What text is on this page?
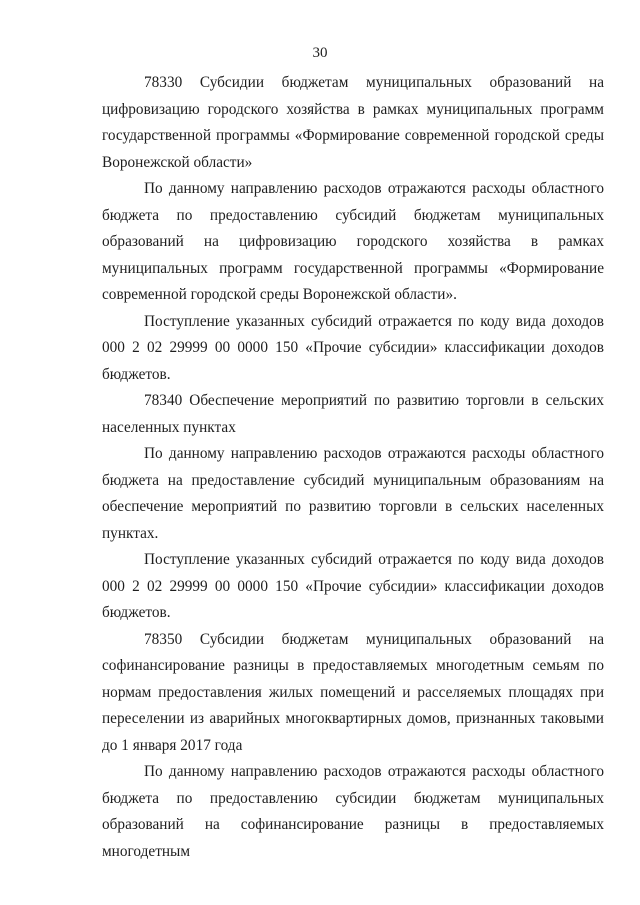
30

78330 Субсидии бюджетам муниципальных образований на цифровизацию городского хозяйства в рамках муниципальных программ государственной программы «Формирование современной городской среды Воронежской области»

По данному направлению расходов отражаются расходы областного бюджета по предоставлению субсидий бюджетам муниципальных образований на цифровизацию городского хозяйства в рамках муниципальных программ государственной программы «Формирование современной городской среды Воронежской области».

Поступление указанных субсидий отражается по коду вида доходов 000 2 02 29999 00 0000 150 «Прочие субсидии» классификации доходов бюджетов.

78340 Обеспечение мероприятий по развитию торговли в сельских населенных пунктах

По данному направлению расходов отражаются расходы областного бюджета на предоставление субсидий муниципальным образованиям на обеспечение мероприятий по развитию торговли в сельских населенных пунктах.

Поступление указанных субсидий отражается по коду вида доходов 000 2 02 29999 00 0000 150 «Прочие субсидии» классификации доходов бюджетов.

78350 Субсидии бюджетам муниципальных образований на софинансирование разницы в предоставляемых многодетным семьям по нормам предоставления жилых помещений и расселяемых площадях при переселении из аварийных многоквартирных домов, признанных таковыми до 1 января 2017 года

По данному направлению расходов отражаются расходы областного бюджета по предоставлению субсидии бюджетам муниципальных образований на софинансирование разницы в предоставляемых многодетным
